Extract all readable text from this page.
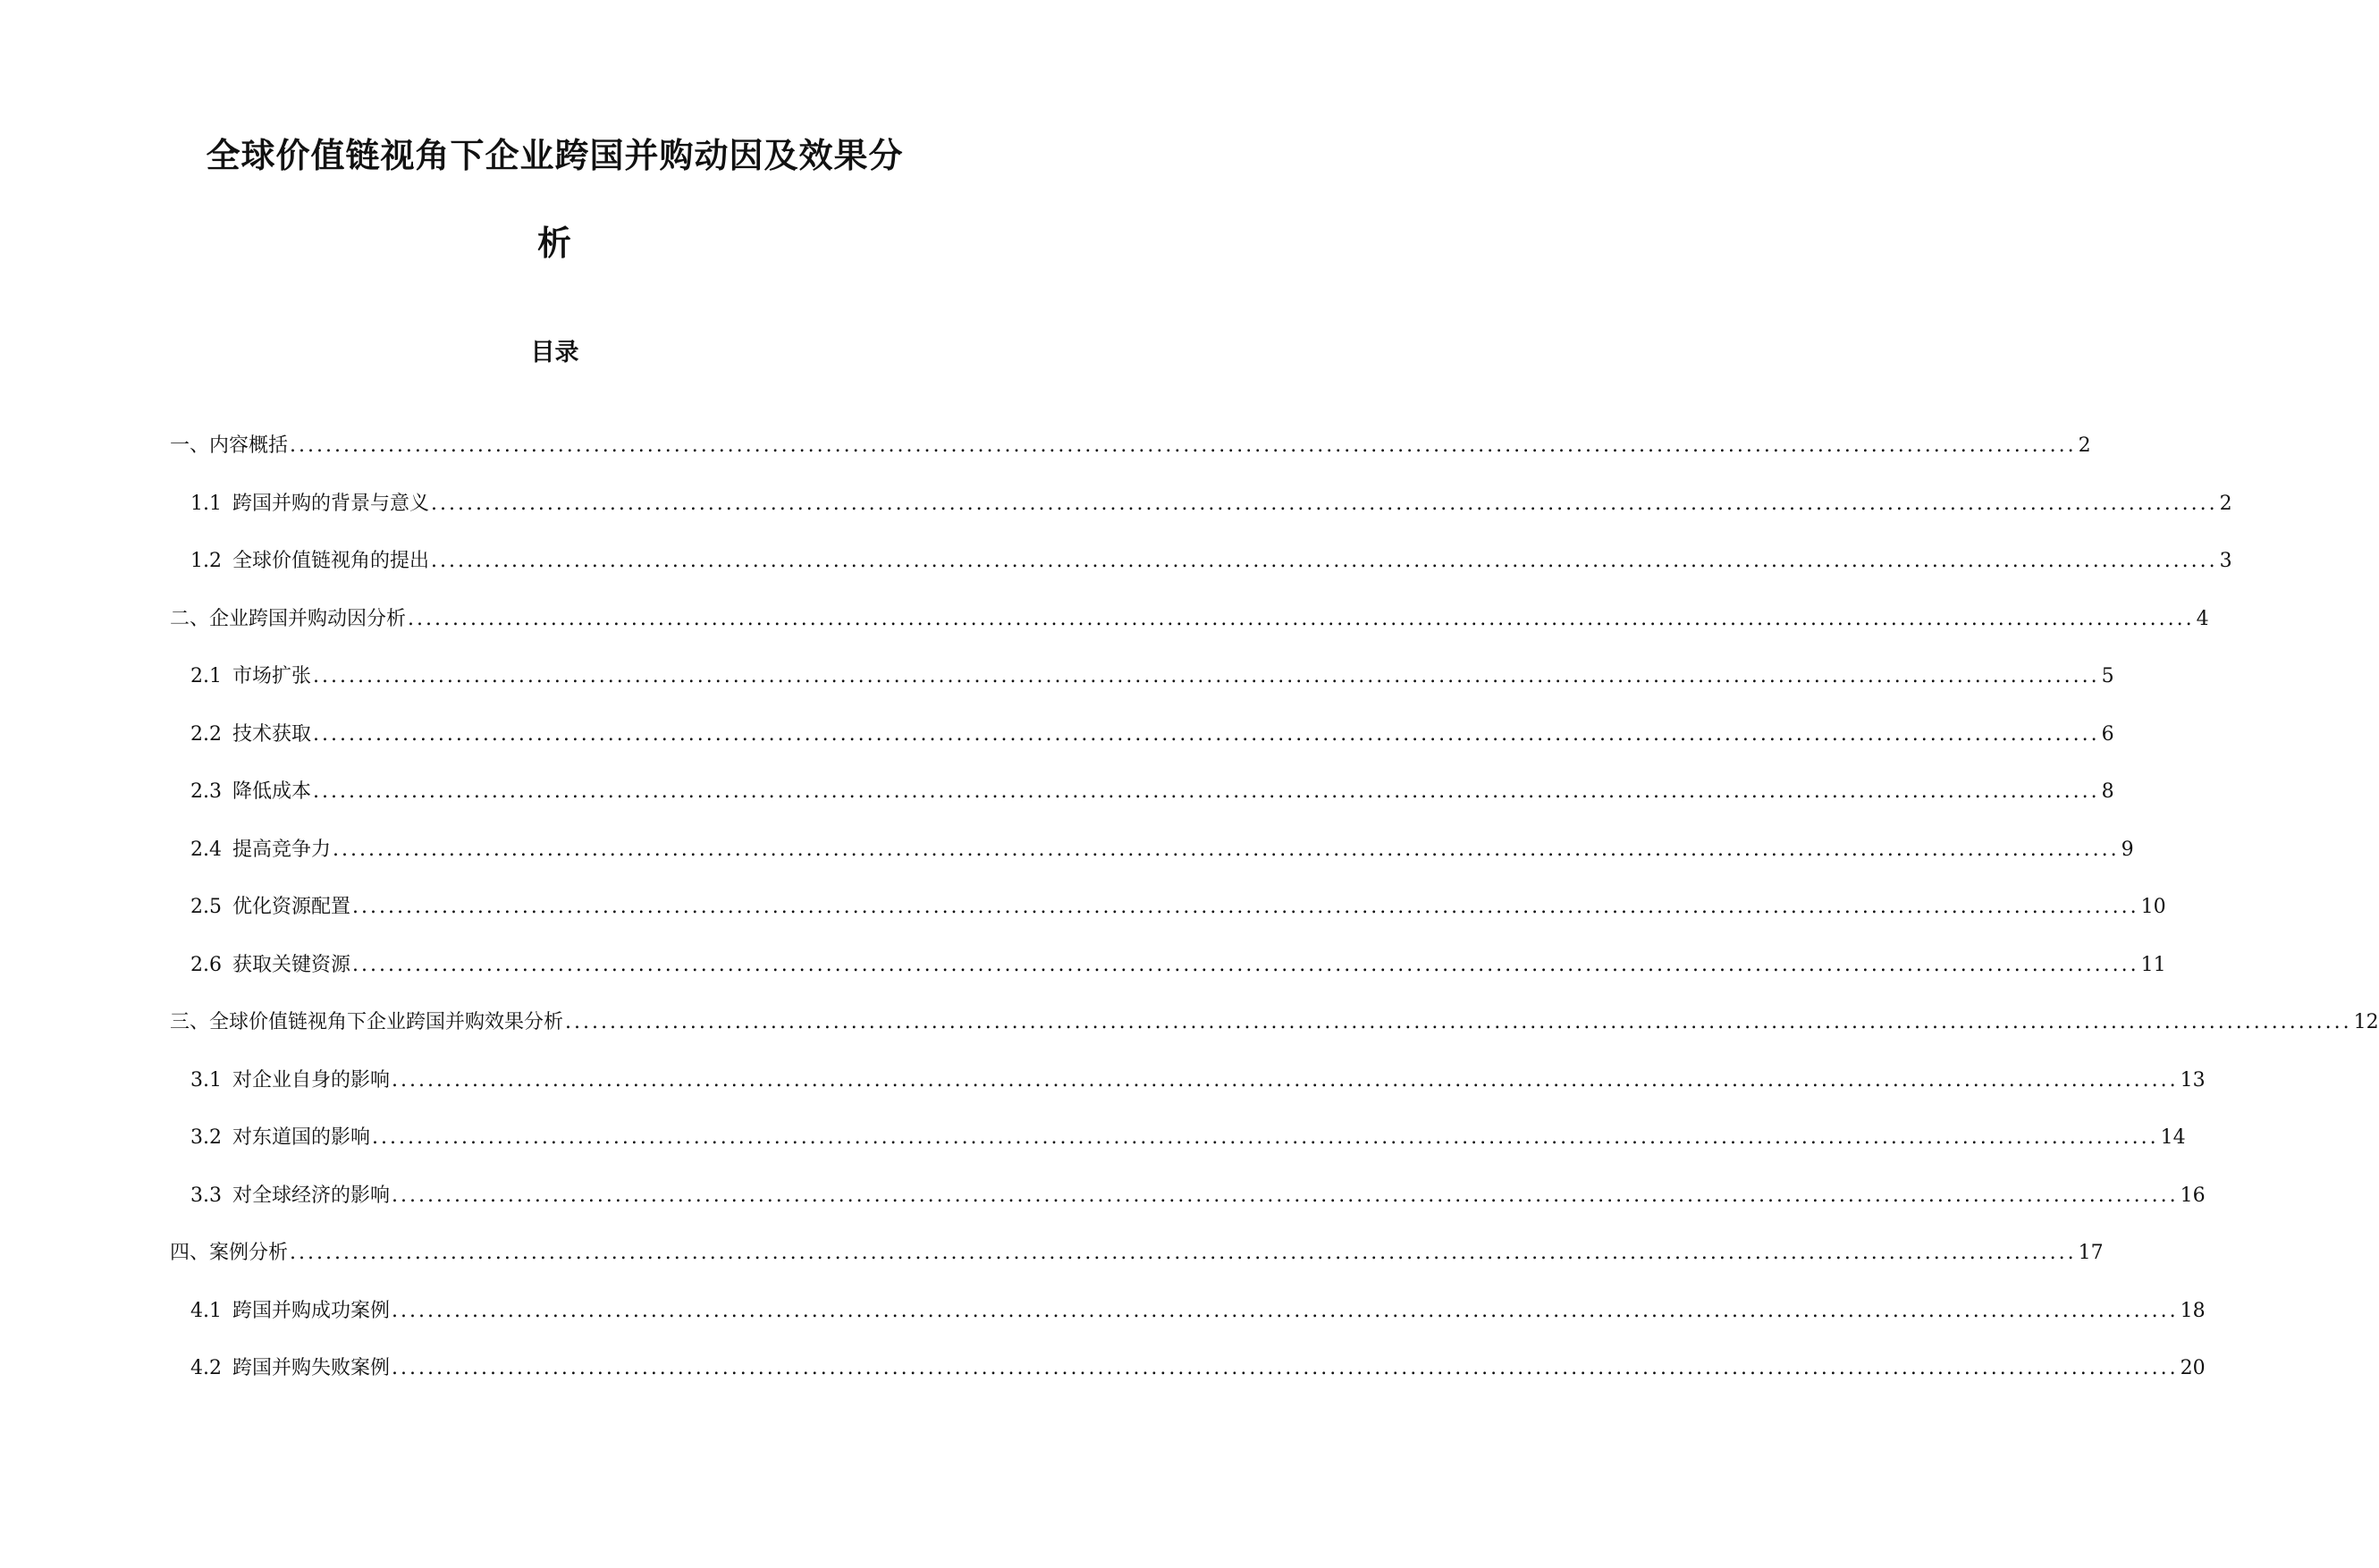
全球价值链视角下企业跨国并购动因及效果分
析
目录
一、内容概括 ........................................................................................................................................................................................................ 2
1.1 跨国并购的背景与意义 ........................................................................................................................................................................................................ 2
1.2 全球价值链视角的提出 ........................................................................................................................................................................................................ 3
二、企业跨国并购动因分析 ........................................................................................................................................................................................................ 4
2.1 市场扩张 ........................................................................................................................................................................................................ 5
2.2 技术获取 ........................................................................................................................................................................................................ 6
2.3 降低成本 ........................................................................................................................................................................................................ 8
2.4 提高竞争力 ........................................................................................................................................................................................................ 9
2.5 优化资源配置 ........................................................................................................................................................................................................ 10
2.6 获取关键资源 ........................................................................................................................................................................................................ 11
三、全球价值链视角下企业跨国并购效果分析 ........................................................................................................................................................................................................ 12
3.1 对企业自身的影响 ........................................................................................................................................................................................................ 13
3.2 对东道国的影响 ........................................................................................................................................................................................................ 14
3.3 对全球经济的影响 ........................................................................................................................................................................................................ 16
四、案例分析 ........................................................................................................................................................................................................ 17
4.1 跨国并购成功案例 ........................................................................................................................................................................................................ 18
4.2 跨国并购失败案例 ........................................................................................................................................................................................................ 20
